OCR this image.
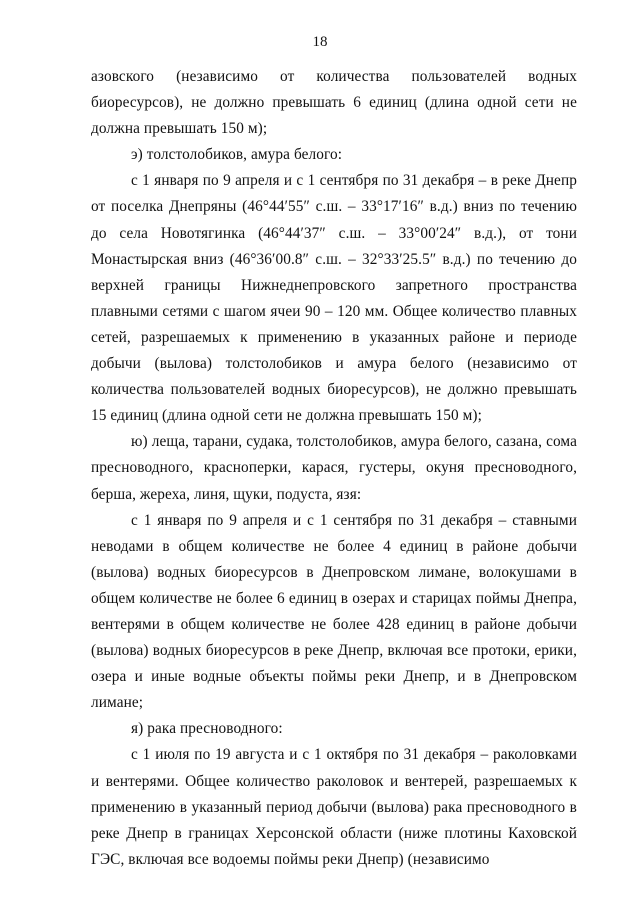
18

азовского (независимо от количества пользователей водных биоресурсов), не должно превышать 6 единиц (длина одной сети не должна превышать 150 м);

э) толстолобиков, амура белого:

с 1 января по 9 апреля и с 1 сентября по 31 декабря – в реке Днепр от поселка Днепряны (46°44′55″ с.ш. – 33°17′16″ в.д.) вниз по течению до села Новотягинка (46°44′37″ с.ш. – 33°00′24″ в.д.), от тони Монастырская вниз (46°36′00.8″ с.ш. – 32°33′25.5″ в.д.) по течению до верхней границы Нижнеднепровского запретного пространства плавными сетями с шагом ячеи 90 – 120 мм. Общее количество плавных сетей, разрешаемых к применению в указанных районе и периоде добычи (вылова) толстолобиков и амура белого (независимо от количества пользователей водных биоресурсов), не должно превышать 15 единиц (длина одной сети не должна превышать 150 м);

ю) леща, тарани, судака, толстолобиков, амура белого, сазана, сома пресноводного, красноперки, карася, густеры, окуня пресноводного, берша, жереха, линя, щуки, подуста, язя:

с 1 января по 9 апреля и с 1 сентября по 31 декабря – ставными неводами в общем количестве не более 4 единиц в районе добычи (вылова) водных биоресурсов в Днепровском лимане, волокушами в общем количестве не более 6 единиц в озерах и старицах поймы Днепра, вентерями в общем количестве не более 428 единиц в районе добычи (вылова) водных биоресурсов в реке Днепр, включая все протоки, ерики, озера и иные водные объекты поймы реки Днепр, и в Днепровском лимане;

я) рака пресноводного:

с 1 июля по 19 августа и с 1 октября по 31 декабря – раколовками и вентерями. Общее количество раколовок и вентерей, разрешаемых к применению в указанный период добычи (вылова) рака пресноводного в реке Днепр в границах Херсонской области (ниже плотины Каховской ГЭС, включая все водоемы поймы реки Днепр) (независимо
